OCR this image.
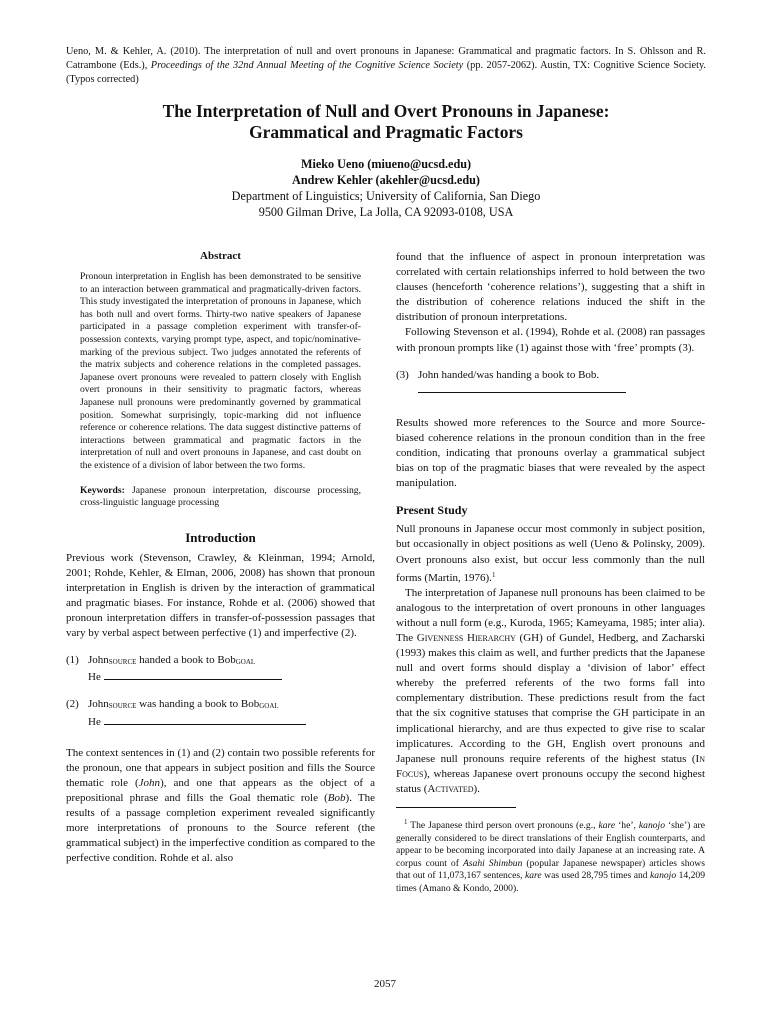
Ueno, M. & Kehler, A. (2010). The interpretation of null and overt pronouns in Japanese: Grammatical and pragmatic factors. In S. Ohlsson and R. Catrambone (Eds.), Proceedings of the 32nd Annual Meeting of the Cognitive Science Society (pp. 2057-2062). Austin, TX: Cognitive Science Society. (Typos corrected)
The Interpretation of Null and Overt Pronouns in Japanese:
Grammatical and Pragmatic Factors
Mieko Ueno (miueno@ucsd.edu)
Andrew Kehler (akehler@ucsd.edu)
Department of Linguistics; University of California, San Diego
9500 Gilman Drive, La Jolla, CA 92093-0108, USA
Abstract

Pronoun interpretation in English has been demonstrated to be sensitive to an interaction between grammatical and pragmatically-driven factors. This study investigated the interpretation of pronouns in Japanese, which has both null and overt forms. Thirty-two native speakers of Japanese participated in a passage completion experiment with transfer-of-possession contexts, varying prompt type, aspect, and topic/nominative-marking of the previous subject. Two judges annotated the referents of the matrix subjects and coherence relations in the completed passages. Japanese overt pronouns were revealed to pattern closely with English overt pronouns in their sensitivity to pragmatic factors, whereas Japanese null pronouns were predominantly governed by grammatical position. Somewhat surprisingly, topic-marking did not influence reference or coherence relations. The data suggest distinctive patterns of interactions between grammatical and pragmatic factors in the interpretation of null and overt pronouns in Japanese, and cast doubt on the existence of a division of labor between the two forms.

Keywords: Japanese pronoun interpretation, discourse processing, cross-linguistic language processing

Introduction

Previous work (Stevenson, Crawley, & Kleinman, 1994; Arnold, 2001; Rohde, Kehler, & Elman, 2006, 2008) has shown that pronoun interpretation in English is driven by the interaction of grammatical and pragmatic biases. For instance, Rohde et al. (2006) showed that pronoun interpretation differs in transfer-of-possession passages that vary by verbal aspect between perfective (1) and imperfective (2).

(1) John$_{SOURCE}$ handed a book to Bob$_{GOAL}$
He
(2) John$_{SOURCE}$ was handing a book to Bob$_{GOAL}$
He

The context sentences in (1) and (2) contain two possible referents for the pronoun, one that appears in subject position and fills the Source thematic role (John), and one that appears as the object of a prepositional phrase and fills the Goal thematic role (Bob). The results of a passage completion experiment revealed significantly more interpretations of pronouns to the Source referent (the grammatical subject) in the imperfective condition as compared to the perfective condition. Rohde et al. also

found that the influence of aspect in pronoun interpretation was correlated with certain relationships inferred to hold between the two clauses (henceforth ‘coherence relations’), suggesting that a shift in the distribution of coherence relations induced the shift in the distribution of pronoun interpretations.

Following Stevenson et al. (1994), Rohde et al. (2008) ran passages with pronoun prompts like (1) against those with ‘free’ prompts (3).

(3) John handed/was handing a book to Bob.

Results showed more references to the Source and more Source-biased coherence relations in the pronoun condition than in the free condition, indicating that pronouns overlay a grammatical subject bias on top of the pragmatic biases that were revealed by the aspect manipulation.

Present Study

Null pronouns in Japanese occur most commonly in subject position, but occasionally in object positions as well (Ueno & Polinsky, 2009). Overt pronouns also exist, but occur less commonly than the null forms (Martin, 1976).$^1$

The interpretation of Japanese null pronouns has been claimed to be analogous to the interpretation of overt pronouns in other languages without a null form (e.g., Kuroda, 1965; Kameyama, 1985; inter alia). The Givenness Hierarchy (GH) of Gundel, Hedberg, and Zacharski (1993) makes this claim as well, and further predicts that the Japanese null and overt forms should display a ‘division of labor’ effect whereby the preferred referents of the two forms fall into complementary distribution. These predictions result from the fact that the six cognitive statuses that comprise the GH participate in an implicational hierarchy, and are thus expected to give rise to scalar implicatures. According to the GH, English overt pronouns and Japanese null pronouns require referents of the highest status (In Focus), whereas Japanese overt pronouns occupy the second highest status (Activated).

$^1$ The Japanese third person overt pronouns (e.g., kare ‘he’, kanojo ‘she’) are generally considered to be direct translations of their English counterparts, and appear to be becoming incorporated into daily Japanese at an increasing rate. A corpus count of Asahi Shimbun (popular Japanese newspaper) articles shows that out of 11,073,167 sentences, kare was used 28,795 times and kanojo 14,209 times (Amano & Kondo, 2000).

2057
